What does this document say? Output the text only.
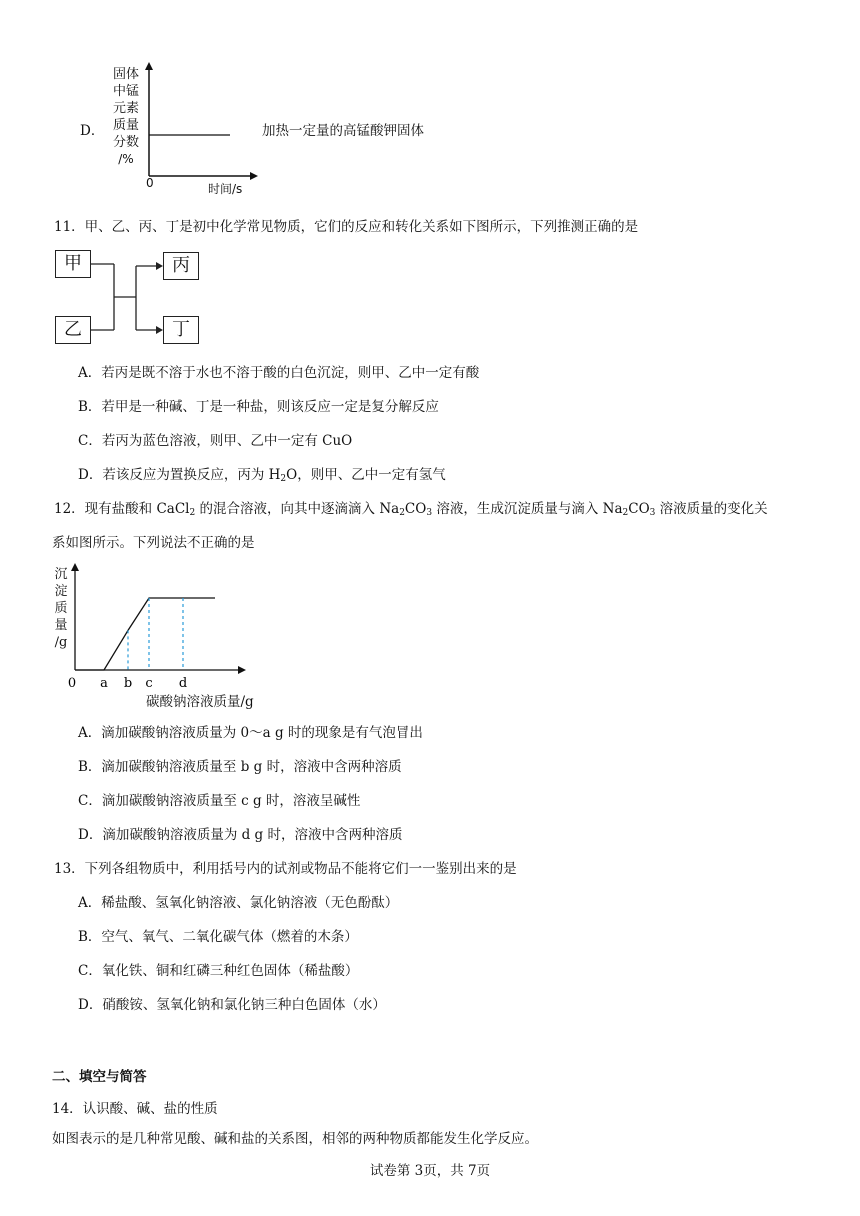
D．
固体
中锰
元素
质量
分数
/%
0	时间/s
加热一定量的高锰酸钾固体
11．甲、乙、丙、丁是初中化学常见物质，它们的反应和转化关系如下图所示，下列推测正确的是
甲
乙
丙
丁
A．若丙是既不溶于水也不溶于酸的白色沉淀，则甲、乙中一定有酸
B．若甲是一种碱、丁是一种盐，则该反应一定是复分解反应
C．若丙为蓝色溶液，则甲、乙中一定有 CuO
D．若该反应为置换反应，丙为 H2O，则甲、乙中一定有氢气
12．现有盐酸和 CaCl2 的混合溶液，向其中逐滴滴入 Na2CO3 溶液，生成沉淀质量与滴入 Na2CO3 溶液质量的变化关
系如图所示。下列说法不正确的是
沉
淀
质
量
/g
0 a b c d
碳酸钠溶液质量/g
A．滴加碳酸钠溶液质量为 0～a g 时的现象是有气泡冒出
B．滴加碳酸钠溶液质量至 b g 时，溶液中含两种溶质
C．滴加碳酸钠溶液质量至 c g 时，溶液呈碱性
D．滴加碳酸钠溶液质量为 d g 时，溶液中含两种溶质
13．下列各组物质中，利用括号内的试剂或物品不能将它们一一鉴别出来的是
A．稀盐酸、氢氧化钠溶液、氯化钠溶液（无色酚酞）
B．空气、氧气、二氧化碳气体（燃着的木条）
C．氧化铁、铜和红磷三种红色固体（稀盐酸）
D．硝酸铵、氢氧化钠和氯化钠三种白色固体（水）
二、填空与简答
14．认识酸、碱、盐的性质
如图表示的是几种常见酸、碱和盐的关系图，相邻的两种物质都能发生化学反应。
试卷第 3页，共 7页
